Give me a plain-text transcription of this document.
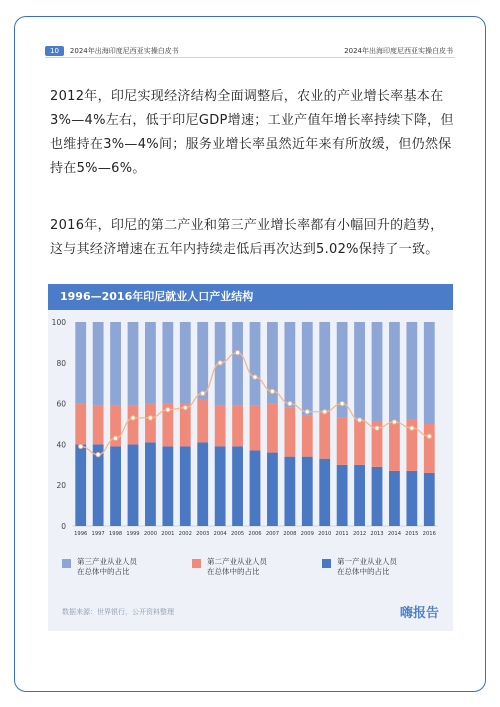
10	2024年出海印度尼西亚实操白皮书	2024年出海印度尼西亚实操白皮书

2012年，印尼实现经济结构全面调整后，农业的产业增长率基本在3%—4%左右，低于印尼GDP增速；工业产值年增长率持续下降，但也维持在3%—4%间；服务业增长率虽然近年来有所放缓，但仍然保持在5%—6%。

2016年，印尼的第二产业和第三产业增长率都有小幅回升的趋势，这与其经济增速在五年内持续走低后再次达到5.02%保持了一致。

1996—2016年印尼就业人口产业结构
0
20
40
60
80
100
1996 1997 1998 1999 2000 2001 2002 2003 2004 2005 2006 2007 2008 2009 2010 2011 2012 2013 2014 2015 2016
第三产业从业人员
在总体中的占比
第二产业从业人员
在总体中的占比
第一产业从业人员
在总体中的占比
数据来源：世界银行，公开资料整理	嗨报告
